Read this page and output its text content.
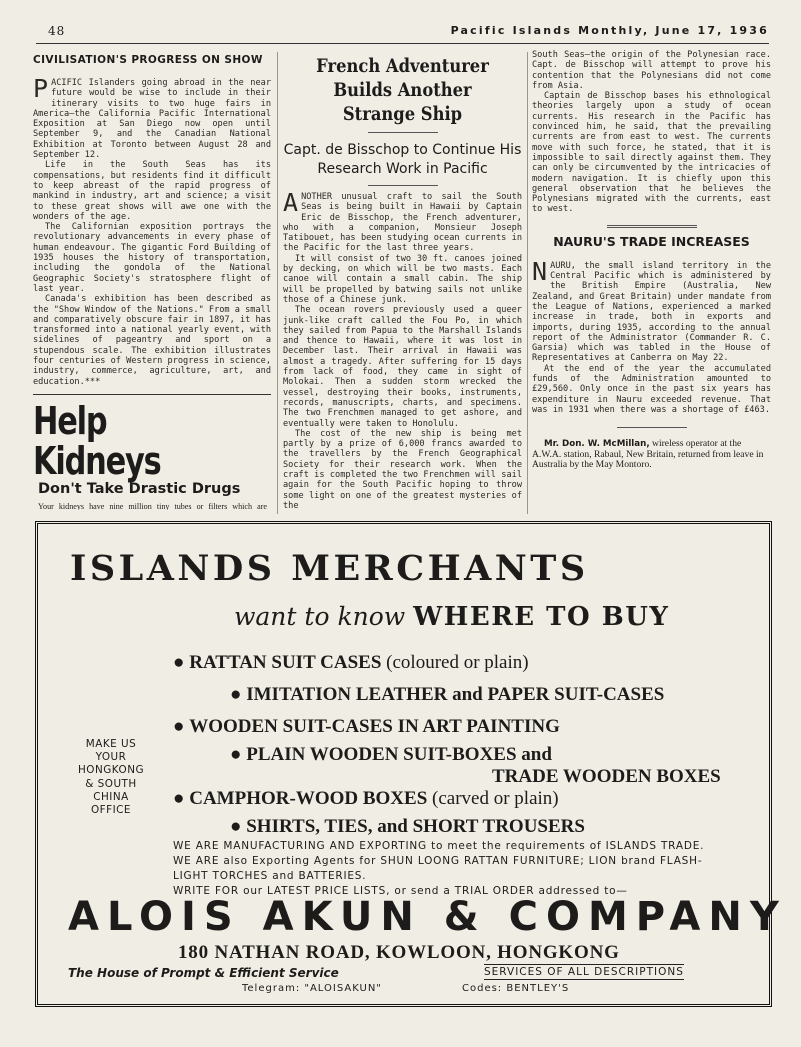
48	Pacific Islands Monthly, June 17, 1936
CIVILISATION'S PROGRESS ON SHOW
PACIFIC Islanders going abroad in the near future would be wise to include in their itinerary visits to two huge fairs in America—the California Pacific International Exposition at San Diego now open until September 9, and the Canadian National Exhibition at Toronto between August 28 and September 12.
Life in the South Seas has its compensations, but residents find it difficult to keep abreast of the rapid progress of mankind in industry, art and science; a visit to these great shows will awe one with the wonders of the age.
The Californian exposition portrays the revolutionary advancements in every phase of human endeavour. The gigantic Ford Building of 1935 houses the history of transportation, including the gondola of the National Geographic Society's stratosphere flight of last year.
Canada's exhibition has been described as the "Show Window of the Nations." From a small and comparatively obscure fair in 1897, it has transformed into a national yearly event, with sidelines of pageantry and sport on a stupendous scale. The exhibition illustrates four centuries of Western progress in science, industry, commerce, agriculture, art, and education.***
Help Kidneys
Don't Take Drastic Drugs
Your kidneys have nine million tiny tubes or filters which are
French Adventurer Builds Another Strange Ship
Capt. de Bisschop to Continue His Research Work in Pacific
ANOTHER unusual craft to sail the South Seas is being built in Hawaii by Captain Eric de Bisschop, the French adventurer, who with a companion, Monsieur Joseph Tatibouet, has been studying ocean currents in the Pacific for the last three years.
It will consist of two 30 ft. canoes joined by decking, on which will be two masts. Each canoe will contain a small cabin. The ship will be propelled by batwing sails not unlike those of a Chinese junk.
The ocean rovers previously used a queer junk-like craft called the Fou Po, in which they sailed from Papua to the Marshall Islands and thence to Hawaii, where it was lost in December last. Their arrival in Hawaii was almost a tragedy. After suffering for 15 days from lack of food, they came in sight of Molokai. Then a sudden storm wrecked the vessel, destroying their books, instruments, records, manuscripts, charts, and specimens. The two Frenchmen managed to get ashore, and eventually were taken to Honolulu.
The cost of the new ship is being met partly by a prize of 6,000 francs awarded to the travellers by the French Geographical Society for their research work. When the craft is completed the two Frenchmen will sail again for the South Pacific hoping to throw some light on one of the greatest mysteries of the
South Seas—the origin of the Polynesian race. Capt. de Bisschop will attempt to prove his contention that the Polynesians did not come from Asia.
Captain de Bisschop bases his ethnological theories largely upon a study of ocean currents. His research in the Pacific has convinced him, he said, that the prevailing currents are from east to west. The currents move with such force, he stated, that it is impossible to sail directly against them. They can only be circumvented by the intricacies of modern navigation. It is chiefly upon this general observation that he believes the Polynesians migrated with the currents, east to west.
NAURU'S TRADE INCREASES
NAURU, the small island territory in the Central Pacific which is administered by the British Empire (Australia, New Zealand, and Great Britain) under mandate from the League of Nations, experienced a marked increase in trade, both in exports and imports, during 1935, according to the annual report of the Administrator (Commander R. C. Garsia) which was tabled in the House of Representatives at Canberra on May 22.
At the end of the year the accumulated funds of the Administration amounted to £29,560. Only once in the past six years has expenditure in Nauru exceeded revenue. That was in 1931 when there was a shortage of £463.
Mr. Don. W. McMillan, wireless operator at the A.W.A. station, Rabaul, New Britain, returned from leave in Australia by the May Montoro.
ISLANDS MERCHANTS
want to know WHERE TO BUY
● RATTAN SUIT CASES (coloured or plain)
● IMITATION LEATHER and PAPER SUIT-CASES
● WOODEN SUIT-CASES IN ART PAINTING
● PLAIN WOODEN SUIT-BOXES and
TRADE WOODEN BOXES
● CAMPHOR-WOOD BOXES (carved or plain)
● SHIRTS, TIES, and SHORT TROUSERS
MAKE US
YOUR
HONGKONG
& SOUTH
CHINA
OFFICE
WE ARE MANUFACTURING AND EXPORTING to meet the requirements of ISLANDS TRADE.
WE ARE also Exporting Agents for SHUN LOONG RATTAN FURNITURE; LION brand FLASH-
LIGHT TORCHES and BATTERIES.
WRITE FOR our LATEST PRICE LISTS, or send a TRIAL ORDER addressed to—
ALOIS AKUN & COMPANY
180 NATHAN ROAD, KOWLOON, HONGKONG
The House of Prompt & Efficient Service	SERVICES OF ALL DESCRIPTIONS
Telegram: "ALOISAKUN"	Codes: BENTLEY'S
